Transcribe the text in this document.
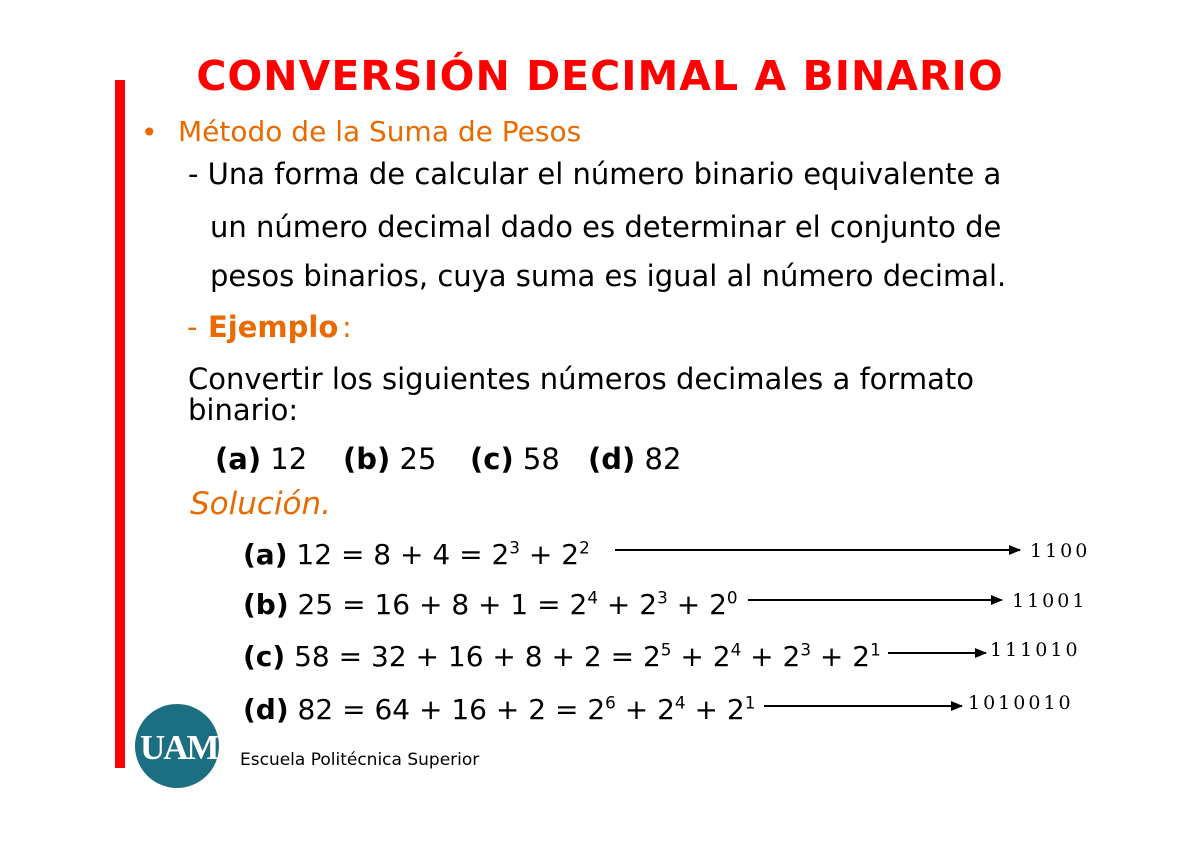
CONVERSIÓN DECIMAL A BINARIO
• Método de la Suma de Pesos
- Una forma de calcular el número binario equivalente a
un número decimal dado es determinar el conjunto de
pesos binarios, cuya suma es igual al número decimal.
- Ejemplo :
Convertir los siguientes números decimales a formato
binario:
(a) 12 (b) 25 (c) 58 (d) 82
Solución.
(a) $12 = 8 + 4 = 2^3 + 2^2$	1100
(b) $25 = 16 + 8 + 1 = 2^4 + 2^3 + 2^0$	11001
(c) $58 = 32 + 16 + 8 + 2 = 2^5 + 2^4 + 2^3 + 2^1$	111010
(d) $82 = 64 + 16 + 2 = 2^6 + 2^4 + 2^1$	1010010
UAM Escuela Politécnica Superior
